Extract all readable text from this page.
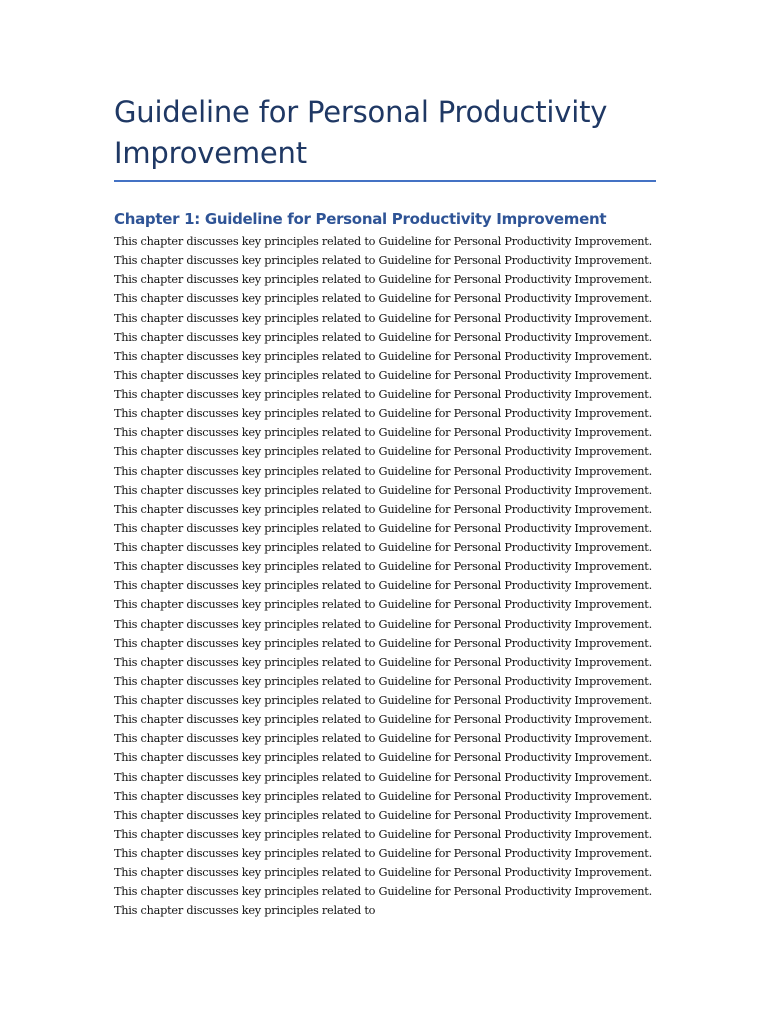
Guideline for Personal Productivity Improvement
Chapter 1: Guideline for Personal Productivity Improvement

This chapter discusses key principles related to Guideline for Personal Productivity Improvement. This chapter discusses key principles related to Guideline for Personal Productivity Improvement. This chapter discusses key principles related to Guideline for Personal Productivity Improvement. This chapter discusses key principles related to Guideline for Personal Productivity Improvement. This chapter discusses key principles related to Guideline for Personal Productivity Improvement. This chapter discusses key principles related to Guideline for Personal Productivity Improvement. This chapter discusses key principles related to Guideline for Personal Productivity Improvement. This chapter discusses key principles related to Guideline for Personal Productivity Improvement. This chapter discusses key principles related to Guideline for Personal Productivity Improvement. This chapter discusses key principles related to Guideline for Personal Productivity Improvement. This chapter discusses key principles related to Guideline for Personal Productivity Improvement. This chapter discusses key principles related to Guideline for Personal Productivity Improvement. This chapter discusses key principles related to Guideline for Personal Productivity Improvement. This chapter discusses key principles related to Guideline for Personal Productivity Improvement. This chapter discusses key principles related to Guideline for Personal Productivity Improvement. This chapter discusses key principles related to Guideline for Personal Productivity Improvement. This chapter discusses key principles related to Guideline for Personal Productivity Improvement. This chapter discusses key principles related to Guideline for Personal Productivity Improvement. This chapter discusses key principles related to Guideline for Personal Productivity Improvement. This chapter discusses key principles related to Guideline for Personal Productivity Improvement. This chapter discusses key principles related to Guideline for Personal Productivity Improvement. This chapter discusses key principles related to Guideline for Personal Productivity Improvement. This chapter discusses key principles related to Guideline for Personal Productivity Improvement. This chapter discusses key principles related to Guideline for Personal Productivity Improvement. This chapter discusses key principles related to Guideline for Personal Productivity Improvement. This chapter discusses key principles related to Guideline for Personal Productivity Improvement. This chapter discusses key principles related to Guideline for Personal Productivity Improvement. This chapter discusses key principles related to Guideline for Personal Productivity Improvement. This chapter discusses key principles related to Guideline for Personal Productivity Improvement. This chapter discusses key principles related to Guideline for Personal Productivity Improvement. This chapter discusses key principles related to Guideline for Personal Productivity Improvement. This chapter discusses key principles related to Guideline for Personal Productivity Improvement. This chapter discusses key principles related to Guideline for Personal Productivity Improvement. This chapter discusses key principles related to Guideline for Personal Productivity Improvement. This chapter discusses key principles related to Guideline for Personal Productivity Improvement. This chapter discusses key principles related to
